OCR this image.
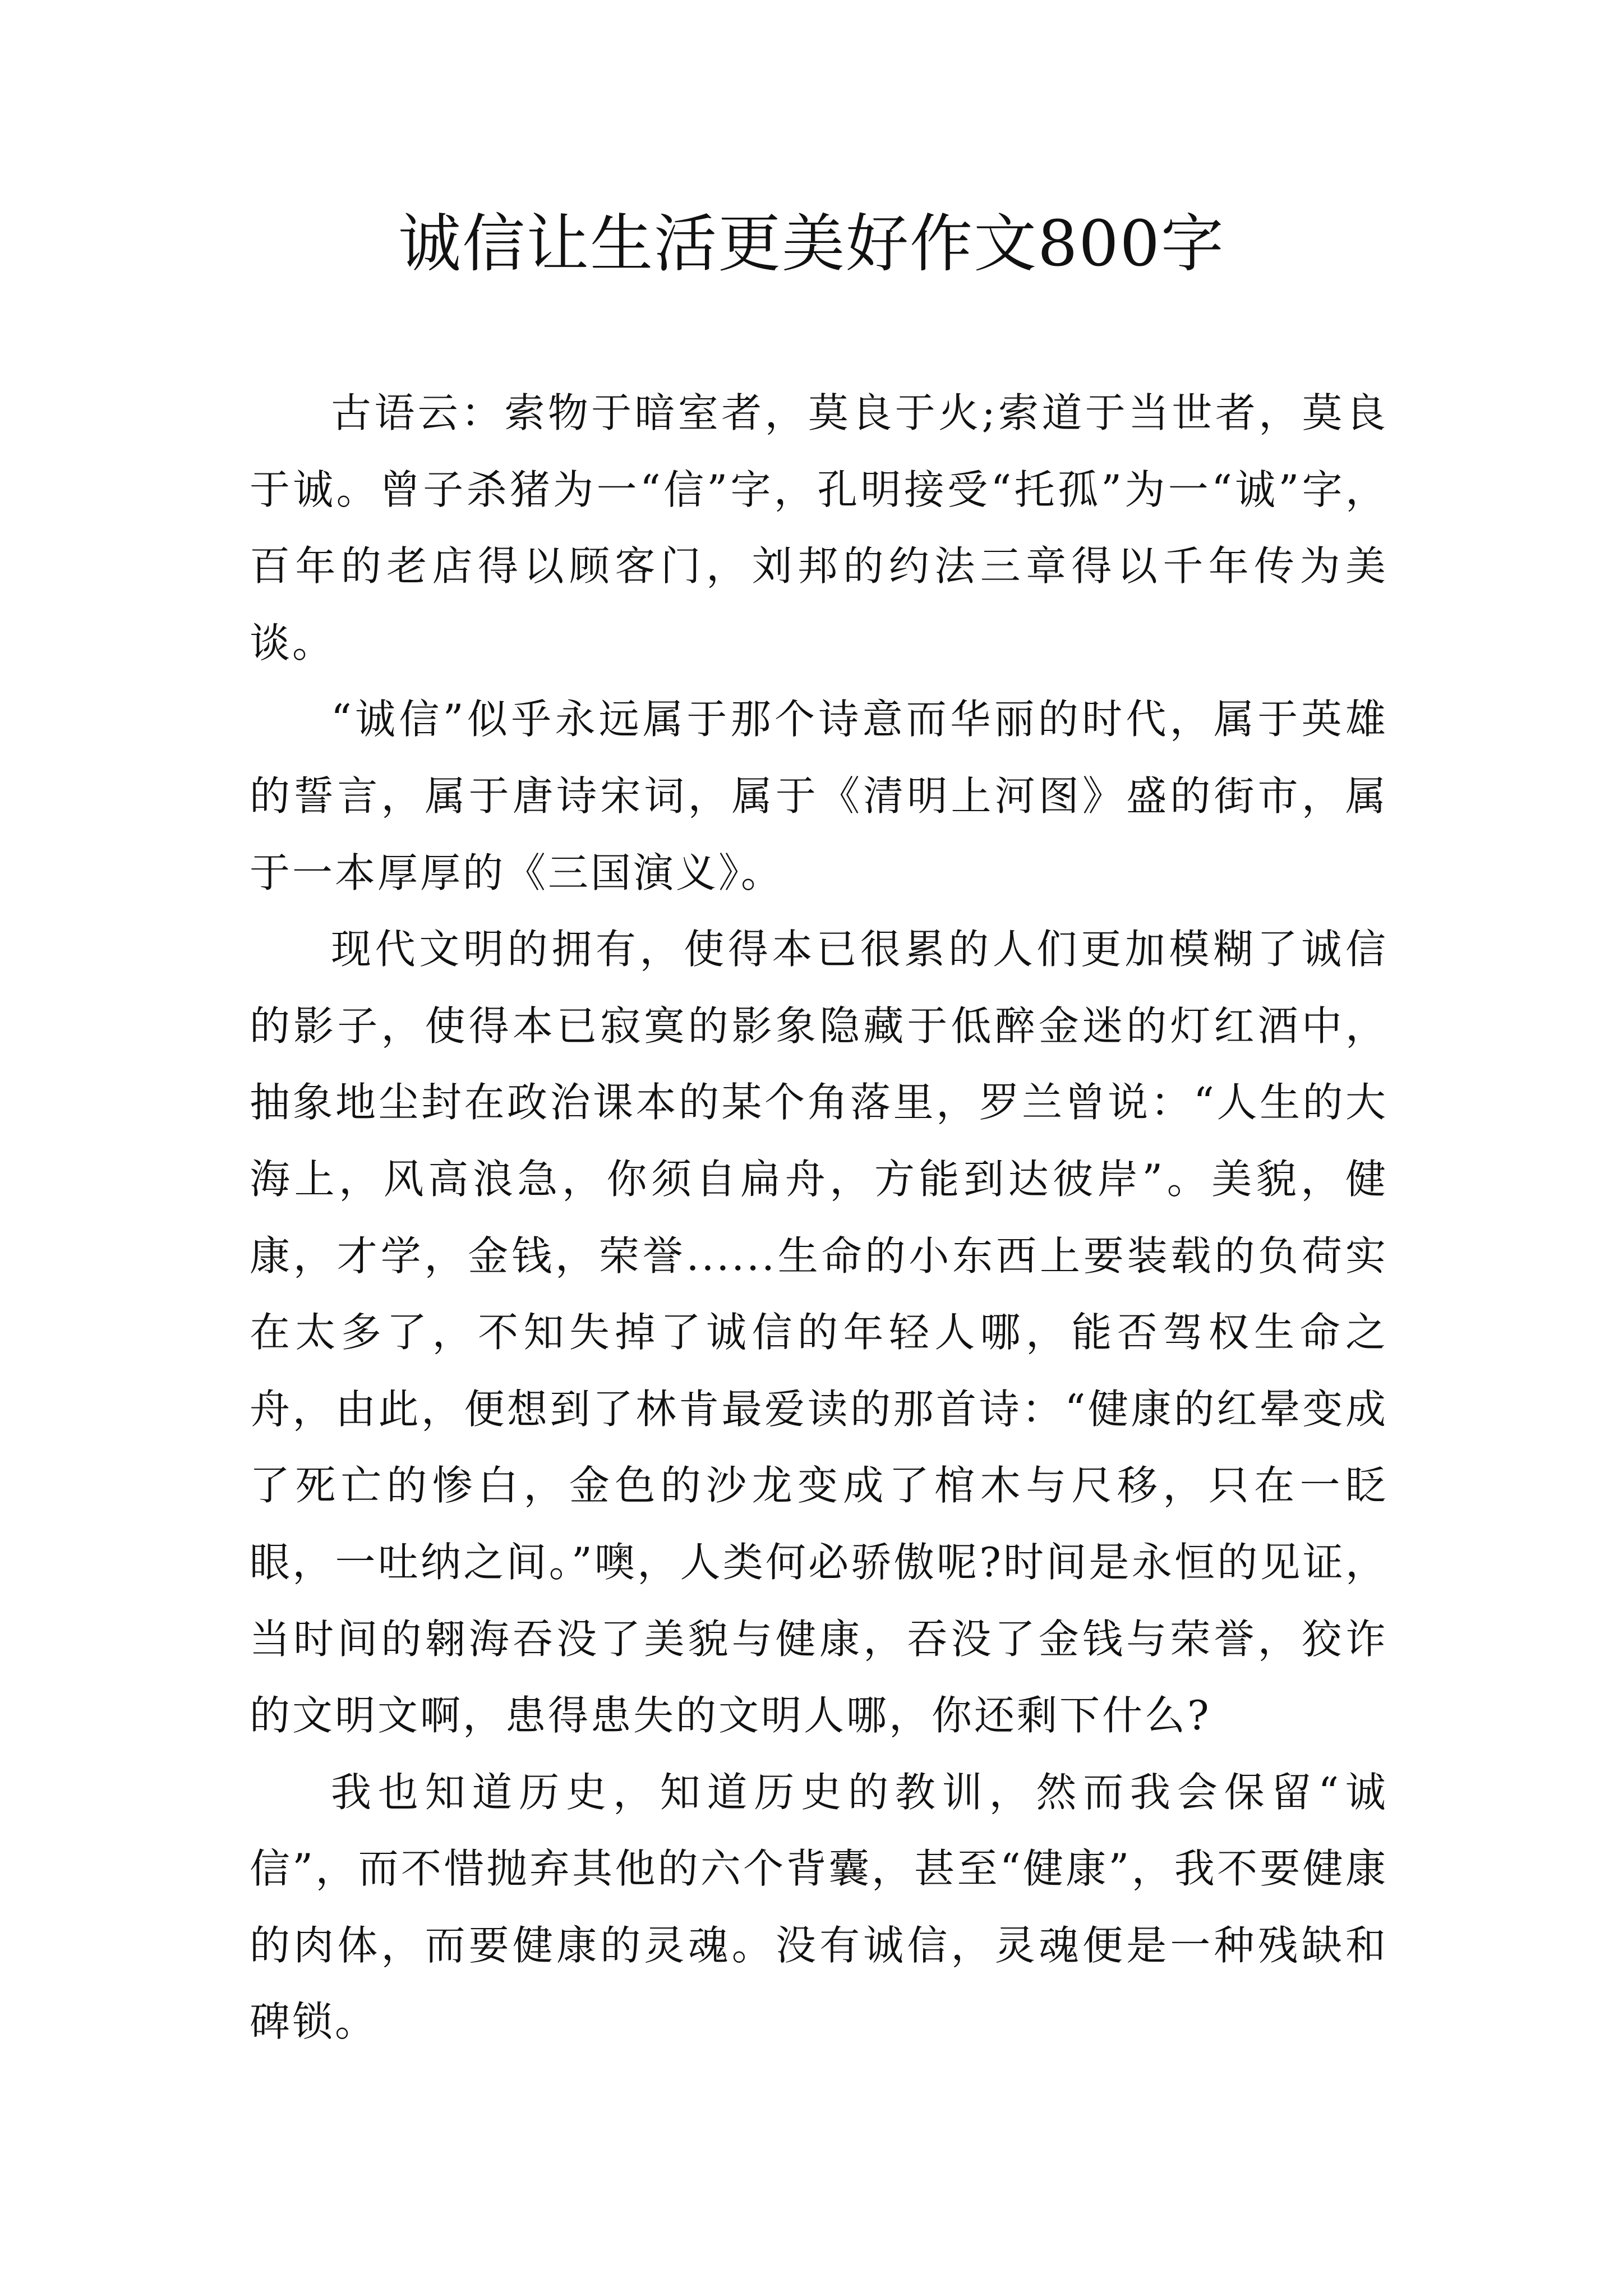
诚信让生活更美好作文800字

古语云：索物于暗室者，莫良于火;索道于当世者，莫良于诚。曾子杀猪为一“信”字，孔明接受“托孤”为一“诚”字，百年的老店得以顾客门，刘邦的约法三章得以千年传为美谈。

“诚信”似乎永远属于那个诗意而华丽的时代，属于英雄的誓言，属于唐诗宋词，属于《清明上河图》盛的街市，属于一本厚厚的《三国演义》。

现代文明的拥有，使得本已很累的人们更加模糊了诚信的影子，使得本已寂寞的影象隐藏于低醉金迷的灯红酒中，抽象地尘封在政治课本的某个角落里，罗兰曾说：“人生的大海上，风高浪急，你须自扁舟，方能到达彼岸”。美貌，健康，才学，金钱，荣誉......生命的小东西上要装载的负荷实在太多了，不知失掉了诚信的年轻人哪，能否驾权生命之舟，由此，便想到了林肯最爱读的那首诗：“健康的红晕变成了死亡的惨白，金色的沙龙变成了棺木与尺移，只在一眨眼，一吐纳之间。”噢，人类何必骄傲呢?时间是永恒的见证，当时间的翱海吞没了美貌与健康，吞没了金钱与荣誉，狡诈的文明文啊，患得患失的文明人哪，你还剩下什么?

我也知道历史，知道历史的教训，然而我会保留“诚信”，而不惜抛弃其他的六个背囊，甚至“健康”，我不要健康的肉体，而要健康的灵魂。没有诚信，灵魂便是一种残缺和碑锁。
